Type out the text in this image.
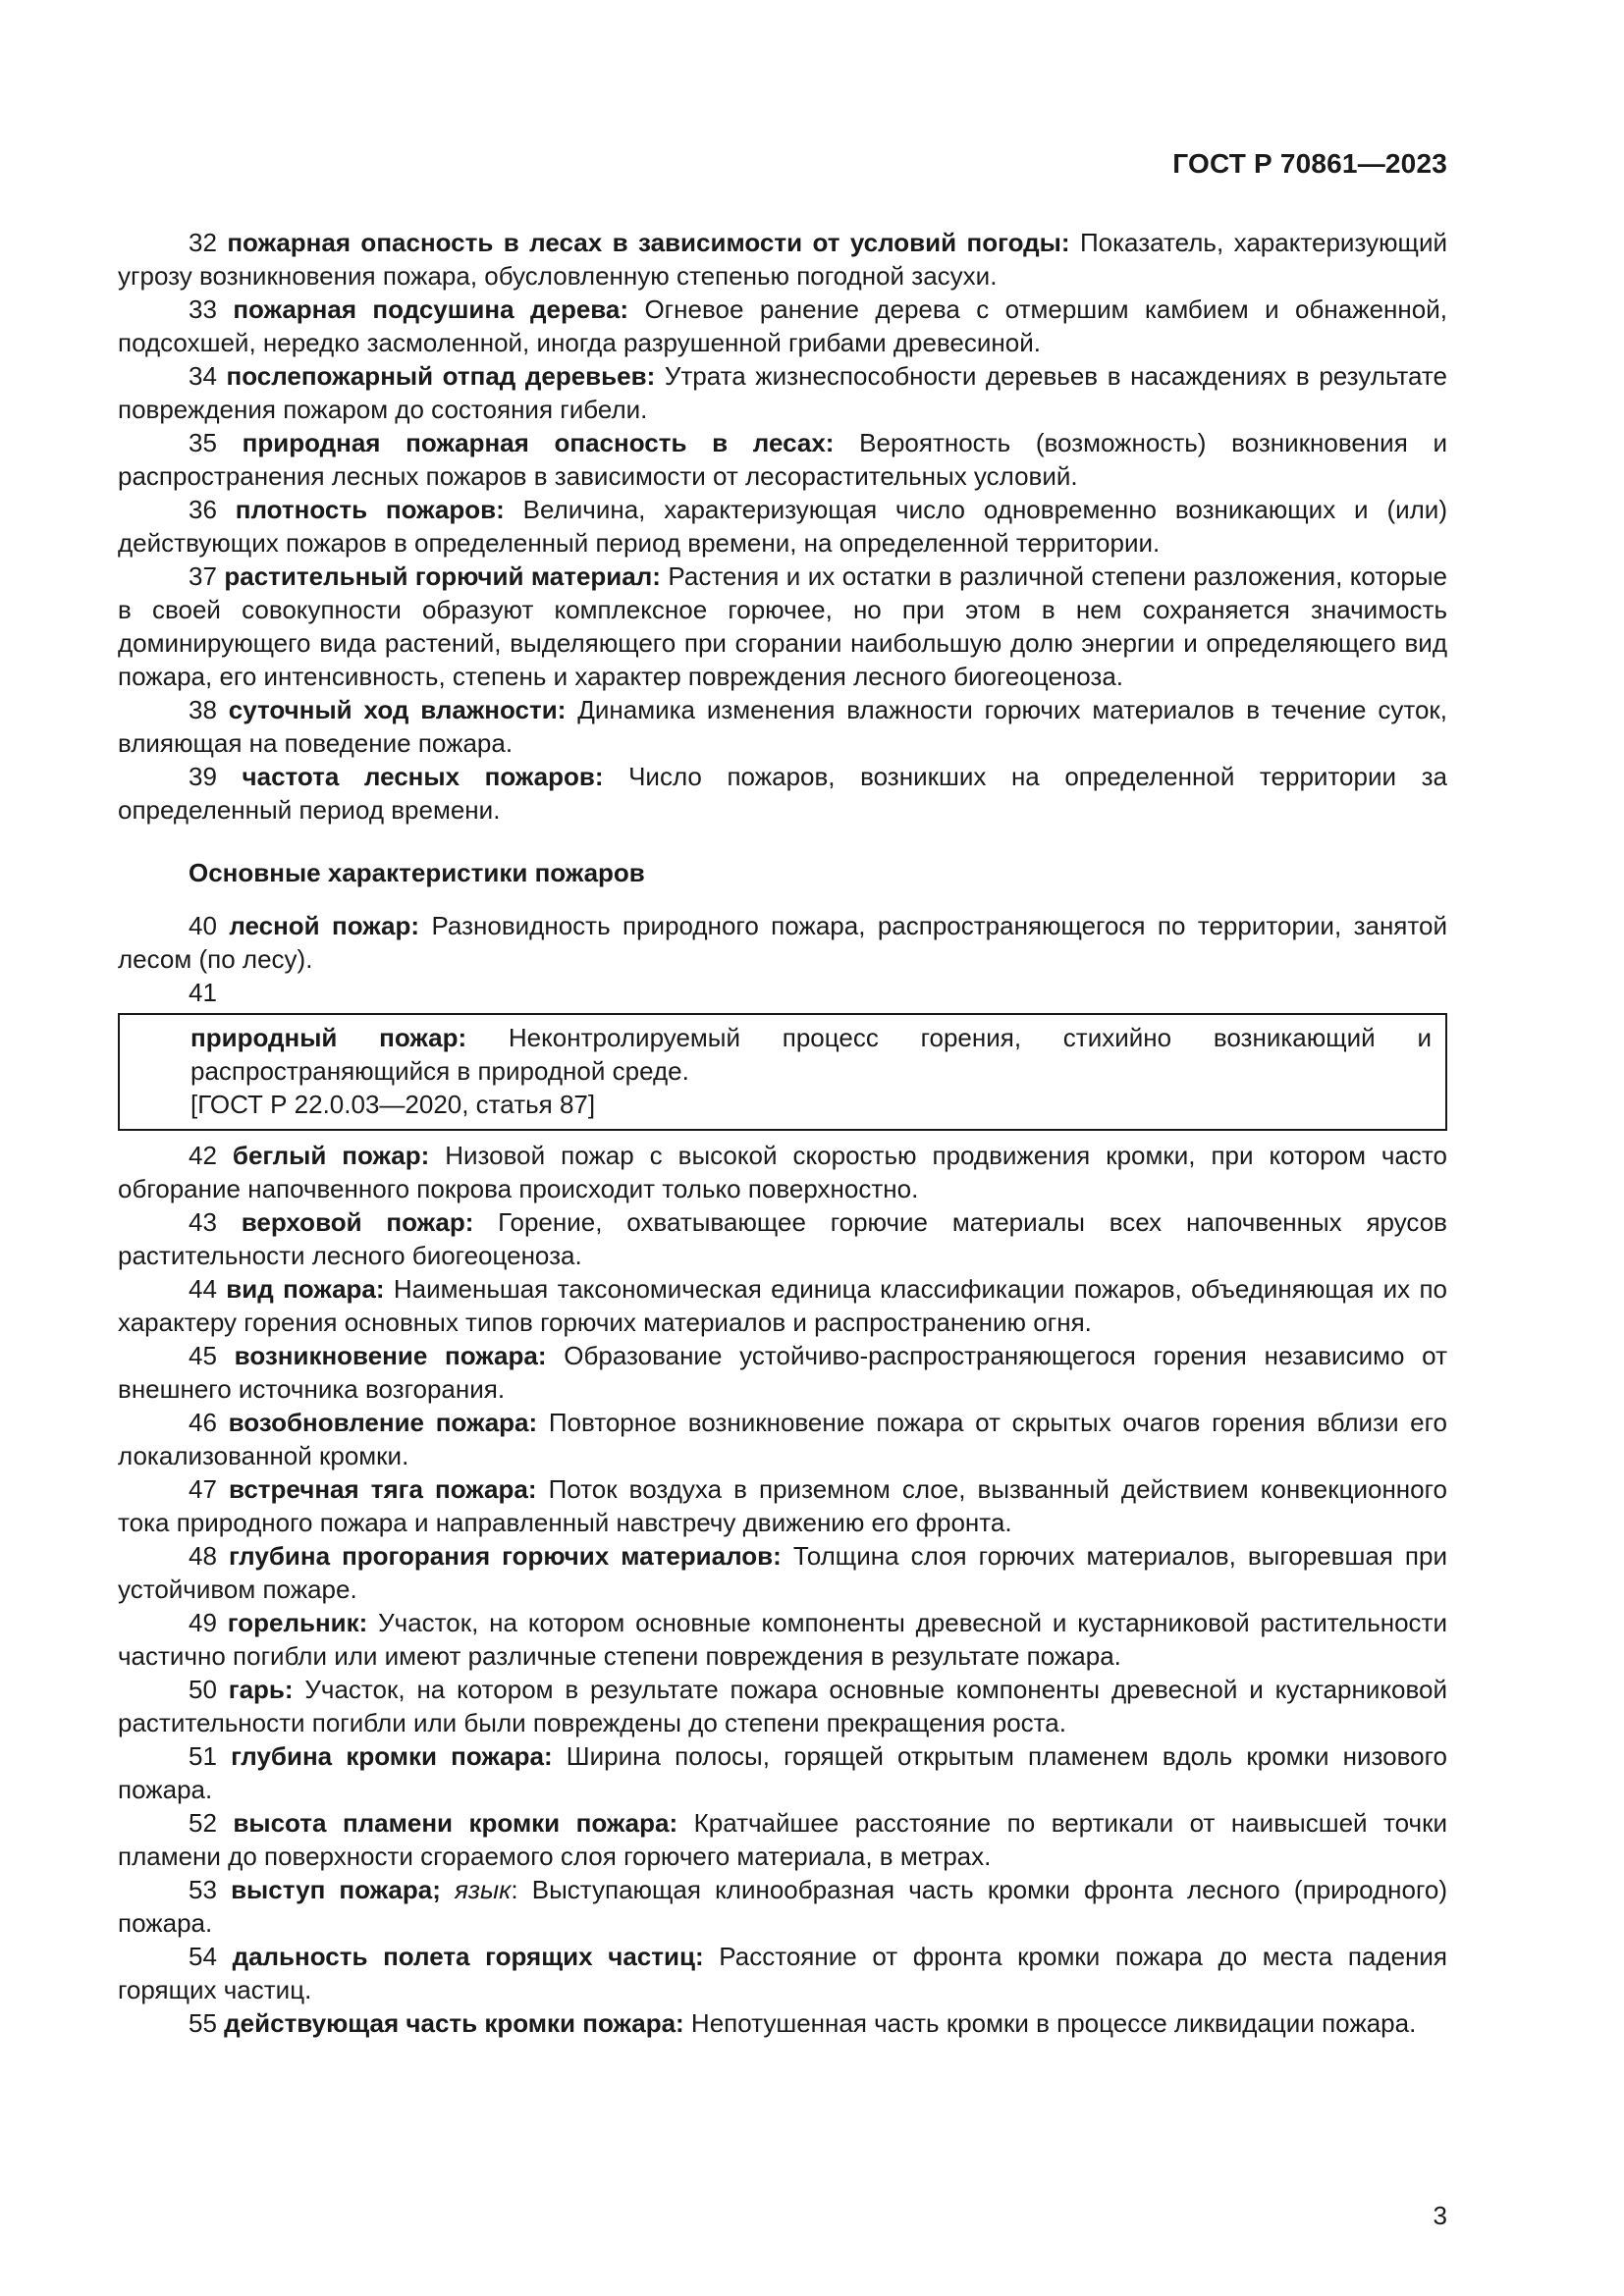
ГОСТ Р 70861—2023

32 пожарная опасность в лесах в зависимости от условий погоды: Показатель, характеризующий угрозу возникновения пожара, обусловленную степенью погодной засухи.

33 пожарная подсушина дерева: Огневое ранение дерева с отмершим камбием и обнаженной, подсохшей, нередко засмоленной, иногда разрушенной грибами древесиной.

34 послепожарный отпад деревьев: Утрата жизнеспособности деревьев в насаждениях в результате повреждения пожаром до состояния гибели.

35 природная пожарная опасность в лесах: Вероятность (возможность) возникновения и распространения лесных пожаров в зависимости от лесорастительных условий.

36 плотность пожаров: Величина, характеризующая число одновременно возникающих и (или) действующих пожаров в определенный период времени, на определенной территории.

37 растительный горючий материал: Растения и их остатки в различной степени разложения, которые в своей совокупности образуют комплексное горючее, но при этом в нем сохраняется значимость доминирующего вида растений, выделяющего при сгорании наибольшую долю энергии и определяющего вид пожара, его интенсивность, степень и характер повреждения лесного биогеоценоза.

38 суточный ход влажности: Динамика изменения влажности горючих материалов в течение суток, влияющая на поведение пожара.

39 частота лесных пожаров: Число пожаров, возникших на определенной территории за определенный период времени.

Основные характеристики пожаров

40 лесной пожар: Разновидность природного пожара, распространяющегося по территории, занятой лесом (по лесу).

41

природный пожар: Неконтролируемый процесс горения, стихийно возникающий и распространяющийся в природной среде.

[ГОСТ Р 22.0.03—2020, статья 87]

42 беглый пожар: Низовой пожар с высокой скоростью продвижения кромки, при котором часто обгорание напочвенного покрова происходит только поверхностно.

43 верховой пожар: Горение, охватывающее горючие материалы всех напочвенных ярусов растительности лесного биогеоценоза.

44 вид пожара: Наименьшая таксономическая единица классификации пожаров, объединяющая их по характеру горения основных типов горючих материалов и распространению огня.

45 возникновение пожара: Образование устойчиво-распространяющегося горения независимо от внешнего источника возгорания.

46 возобновление пожара: Повторное возникновение пожара от скрытых очагов горения вблизи его локализованной кромки.

47 встречная тяга пожара: Поток воздуха в приземном слое, вызванный действием конвекционного тока природного пожара и направленный навстречу движению его фронта.

48 глубина прогорания горючих материалов: Толщина слоя горючих материалов, выгоревшая при устойчивом пожаре.

49 горельник: Участок, на котором основные компоненты древесной и кустарниковой растительности частично погибли или имеют различные степени повреждения в результате пожара.

50 гарь: Участок, на котором в результате пожара основные компоненты древесной и кустарниковой растительности погибли или были повреждены до степени прекращения роста.

51 глубина кромки пожара: Ширина полосы, горящей открытым пламенем вдоль кромки низового пожара.

52 высота пламени кромки пожара: Кратчайшее расстояние по вертикали от наивысшей точки пламени до поверхности сгораемого слоя горючего материала, в метрах.

53 выступ пожара; язык: Выступающая клинообразная часть кромки фронта лесного (природного) пожара.

54 дальность полета горящих частиц: Расстояние от фронта кромки пожара до места падения горящих частиц.

55 действующая часть кромки пожара: Непотушенная часть кромки в процессе ликвидации пожара.

3
